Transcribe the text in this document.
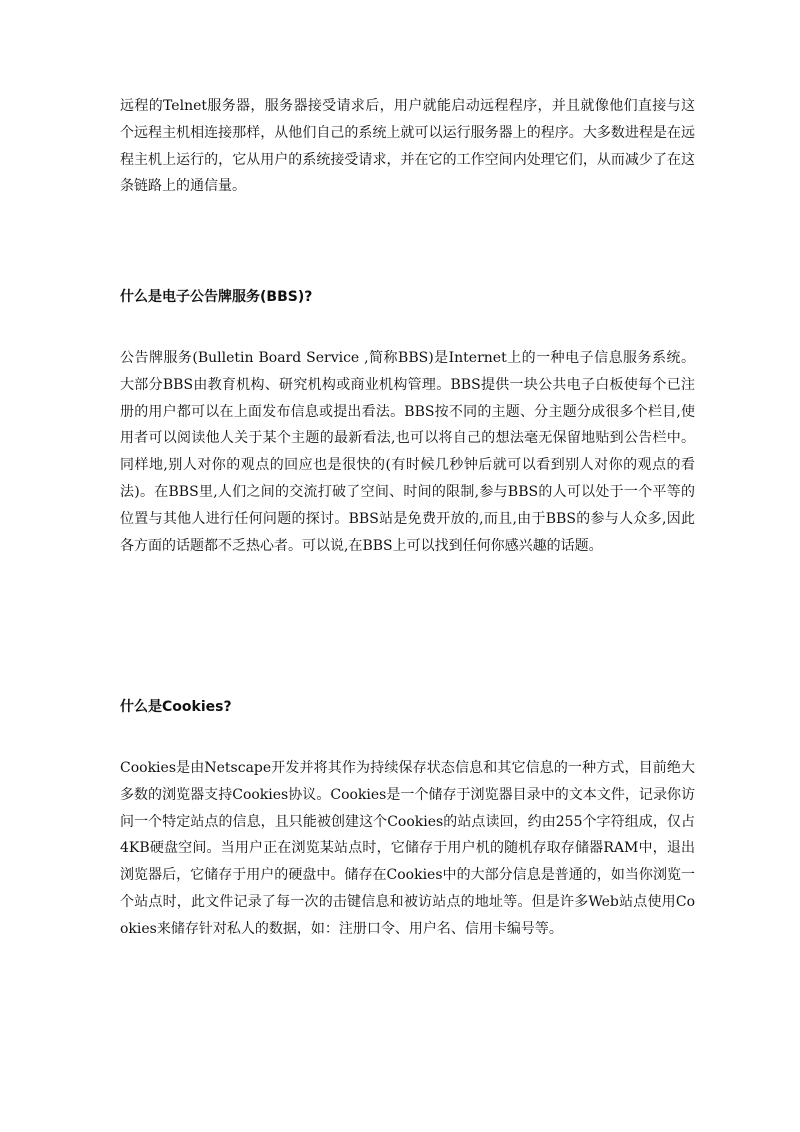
远程的Telnet服务器，服务器接受请求后，用户就能启动远程程序，并且就像他们直接与这个远程主机相连接那样，从他们自己的系统上就可以运行服务器上的程序。大多数进程是在远程主机上运行的，它从用户的系统接受请求，并在它的工作空间内处理它们，从而减少了在这条链路上的通信量。

什么是电子公告牌服务(BBS)?

公告牌服务(Bulletin Board Service ,简称BBS)是Internet上的一种电子信息服务系统。大部分BBS由教育机构、研究机构或商业机构管理。BBS提供一块公共电子白板使每个已注册的用户都可以在上面发布信息或提出看法。BBS按不同的主题、分主题分成很多个栏目,使用者可以阅读他人关于某个主题的最新看法,也可以将自己的想法毫无保留地贴到公告栏中。同样地,别人对你的观点的回应也是很快的(有时候几秒钟后就可以看到别人对你的观点的看法)。在BBS里,人们之间的交流打破了空间、时间的限制,参与BBS的人可以处于一个平等的位置与其他人进行任何问题的探讨。BBS站是免费开放的,而且,由于BBS的参与人众多,因此各方面的话题都不乏热心者。可以说,在BBS上可以找到任何你感兴趣的话题。

什么是Cookies?

Cookies是由Netscape开发并将其作为持续保存状态信息和其它信息的一种方式，目前绝大多数的浏览器支持Cookies协议。Cookies是一个储存于浏览器目录中的文本文件，记录你访问一个特定站点的信息，且只能被创建这个Cookies的站点读回，约由255个字符组成，仅占4KB硬盘空间。当用户正在浏览某站点时，它储存于用户机的随机存取存储器RAM中，退出浏览器后，它储存于用户的硬盘中。储存在Cookies中的大部分信息是普通的，如当你浏览一个站点时，此文件记录了每一次的击键信息和被访站点的地址等。但是许多Web站点使用Cookies来储存针对私人的数据，如：注册口令、用户名、信用卡编号等。
